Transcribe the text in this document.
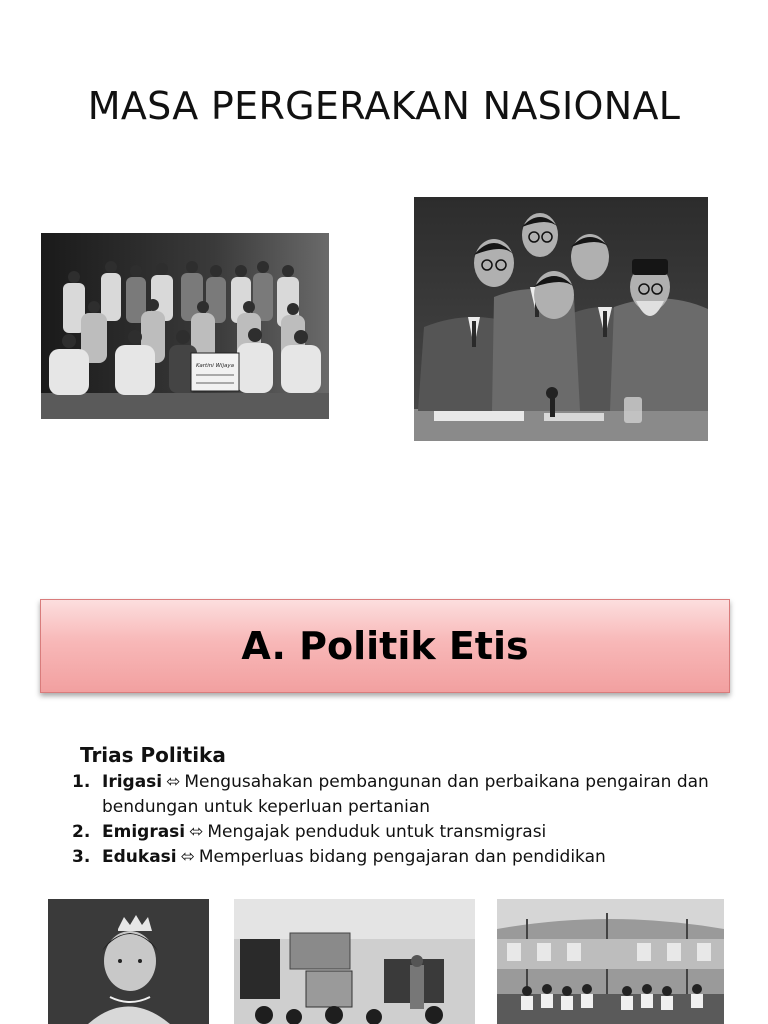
MASA PERGERAKAN NASIONAL
Kartini Wijaya
A. Politik Etis
Trias Politika
1. Irigasi ⬄ Mengusahakan pembangunan dan perbaikana pengairan dan bendungan untuk keperluan pertanian
2. Emigrasi ⬄ Mengajak penduduk untuk transmigrasi
3. Edukasi ⬄ Memperluas bidang pengajaran dan pendidikan
